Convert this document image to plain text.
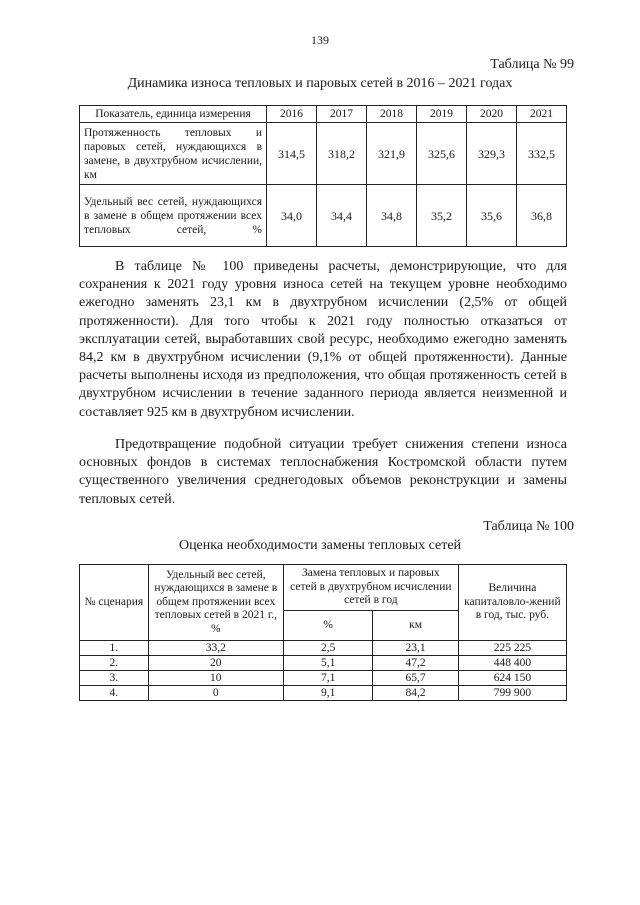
139
Таблица № 99
Динамика износа тепловых и паровых сетей в 2016 – 2021 годах
Показатель, единица измерения	2016	2017	2018	2019	2020	2021
Протяженность тепловых и паровых сетей, нуждающихся в замене, в двухтрубном исчислении, км	314,5	318,2	321,9	325,6	329,3	332,5
Удельный вес сетей, нуждающихся в замене в общем протяжении всех тепловых сетей, %	34,0	34,4	34,8	35,2	35,6	36,8

В таблице № 100 приведены расчеты, демонстрирующие, что для сохранения к 2021 году уровня износа сетей на текущем уровне необходимо ежегодно заменять 23,1 км в двухтрубном исчислении (2,5% от общей протяженности). Для того чтобы к 2021 году полностью отказаться от эксплуатации сетей, выработавших свой ресурс, необходимо ежегодно заменять 84,2 км в двухтрубном исчислении (9,1% от общей протяженности). Данные расчеты выполнены исходя из предположения, что общая протяженность сетей в двухтрубном исчислении в течение заданного периода является неизменной и составляет 925 км в двухтрубном исчислении.

Предотвращение подобной ситуации требует снижения степени износа основных фондов в системах теплоснабжения Костромской области путем существенного увеличения среднегодовых объемов реконструкции и замены тепловых сетей.

Таблица № 100
Оценка необходимости замены тепловых сетей
№ сценария	Удельный вес сетей, нуждающихся в замене в общем протяжении всех тепловых сетей в 2021 г., %	Замена тепловых и паровых сетей в двухтрубном исчислении сетей в год		Величина капиталовло-жений в год, тыс. руб.
		%	км	
1.	33,2	2,5	23,1	225 225
2.	20	5,1	47,2	448 400
3.	10	7,1	65,7	624 150
4.	0	9,1	84,2	799 900
